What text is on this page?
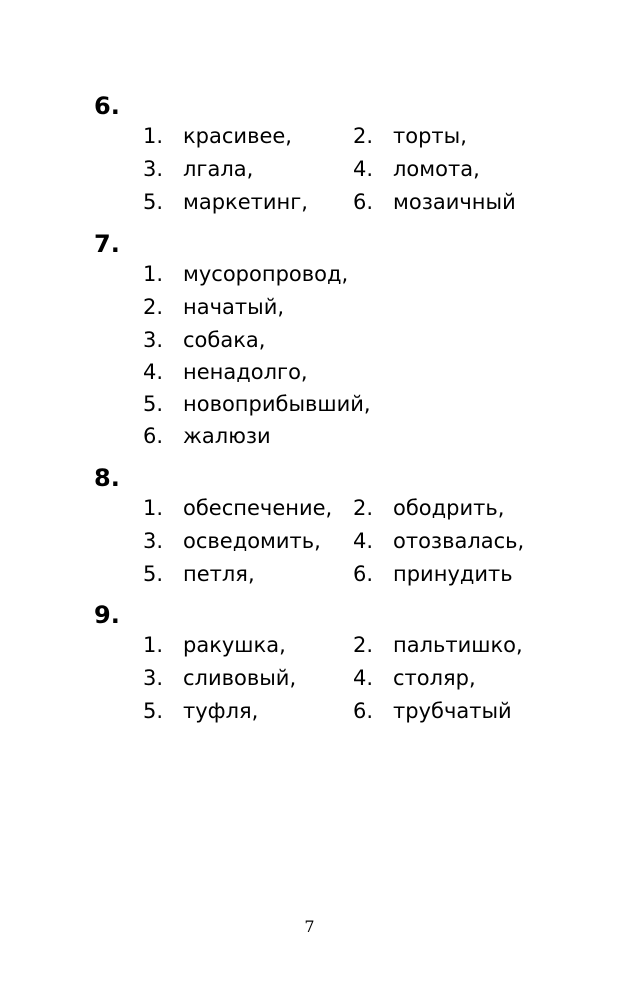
6.
1. красивее,	2. торты,
3. лгала,	4. ломота,
5. маркетинг, 6. мозаичный
7.
1. мусоропровод,
2. начатый,
3. собака,
4. ненадолго,
5. новоприбывший,
6. жалюзи
8.
1. обеспечение, 2. ободрить,
3. осведомить, 4. отозвалась,
5. петля,	6. принудить
9.
1. ракушка,	2. пальтишко,
3. сливовый,	4. столяр,
5. туфля,	6. трубчатый
7
